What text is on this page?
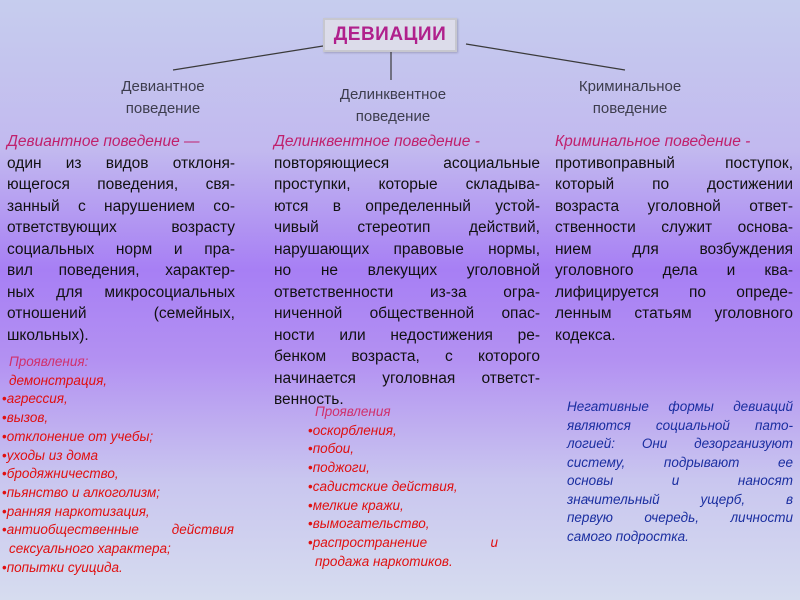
ДЕВИАЦИИ
Девиантное
поведение
Делинквентное
поведение
Криминальное
поведение
Девиантное поведение —
один из видов отклоня-
ющегося поведения, свя-
занный с нарушением со-
ответствующих возрасту
социальных норм и пра-
вил поведения, характер-
ных для микросоциальных
отношений (семейных,
школьных).
Делинквентное поведение -
повторяющиеся асоциальные
проступки, которые складыва-
ются в определенный устой-
чивый стереотип действий,
нарушающих правовые нормы,
но не влекущих уголовной
ответственности из-за огра-
ниченной общественной опас-
ности или недостижения ре-
бенком возраста, с которого
начинается уголовная ответст-
венность.
Криминальное поведение -
противоправный поступок,
который по достижении
возраста уголовной ответ-
ственности служит основа-
нием для возбуждения
уголовного дела и ква-
лифицируется по опреде-
ленным статьям уголовного
кодекса.
Проявления:
демонстрация,
• агрессия,
• вызов,
• отклонение от учебы;
• уходы из дома
• бродяжничество,
• пьянство и алкоголизм;
• ранняя наркотизация,
• антиобщественные действия
сексуального характера;
• попытки суицида.
Проявления
• оскорбления,
• побои,
• поджоги,
• садистские действия,
• мелкие кражи,
• вымогательство,
• распространение	и
продажа наркотиков.
Негативные формы девиаций
являются социальной пато-
логией: Они дезорганизуют
систему, подрывают ее
основы и наносят
значительный ущерб, в
первую очередь, личности
самого подростка.
